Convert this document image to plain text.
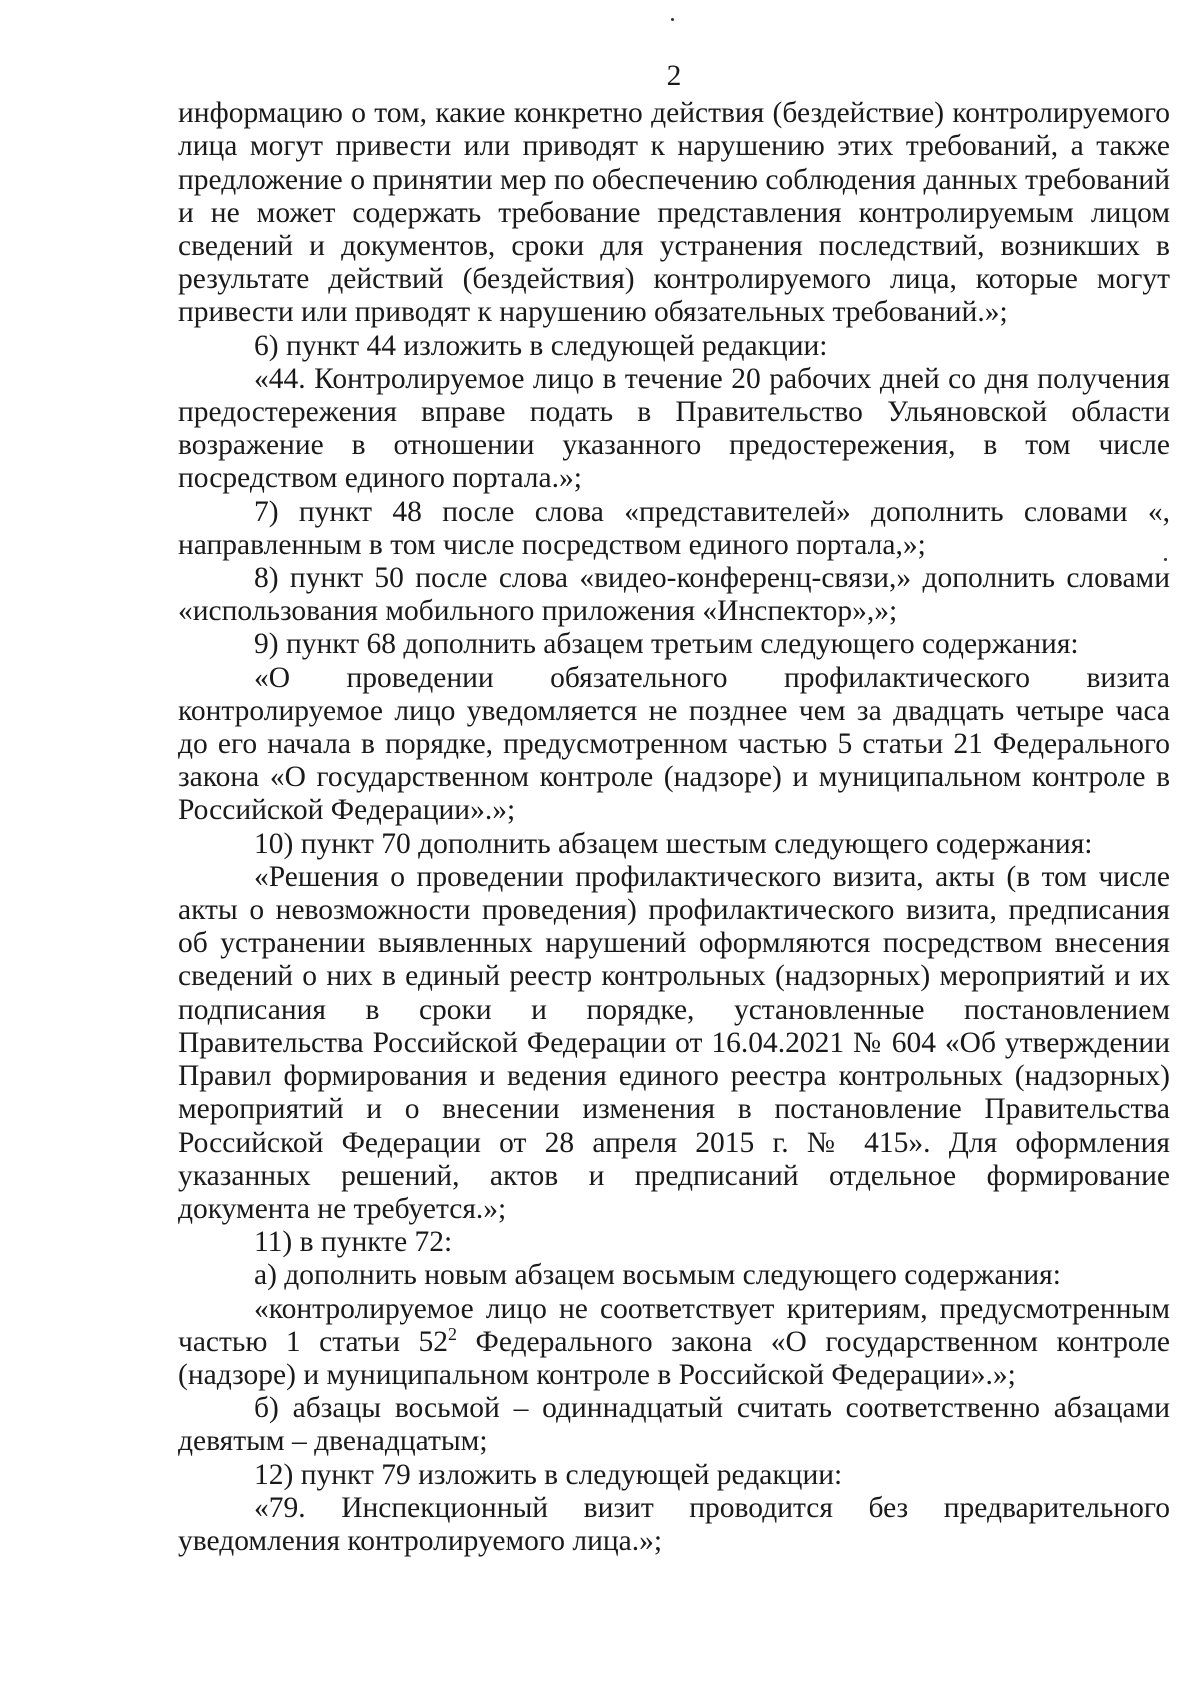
2

информацию о том, какие конкретно действия (бездействие) контролируемого лица могут привести или приводят к нарушению этих требований, а также предложение о принятии мер по обеспечению соблюдения данных требований и не может содержать требование представления контролируемым лицом сведений и документов, сроки для устранения последствий, возникших в результате действий (бездействия) контролируемого лица, которые могут привести или приводят к нарушению обязательных требований.»;

6) пункт 44 изложить в следующей редакции:

«44. Контролируемое лицо в течение 20 рабочих дней со дня получения предостережения вправе подать в Правительство Ульяновской области возражение в отношении указанного предостережения, в том числе посредством единого портала.»;

7) пункт 48 после слова «представителей» дополнить словами «, направленным в том числе посредством единого портала,»;

8) пункт 50 после слова «видео-конференц-связи,» дополнить словами «использования мобильного приложения «Инспектор»,»;

9) пункт 68 дополнить абзацем третьим следующего содержания:

«О проведении обязательного профилактического визита контролируемое лицо уведомляется не позднее чем за двадцать четыре часа до его начала в порядке, предусмотренном частью 5 статьи 21 Федерального закона «О государственном контроле (надзоре) и муниципальном контроле в Российской Федерации».»;

10) пункт 70 дополнить абзацем шестым следующего содержания:

«Решения о проведении профилактического визита, акты (в том числе акты о невозможности проведения) профилактического визита, предписания об устранении выявленных нарушений оформляются посредством внесения сведений о них в единый реестр контрольных (надзорных) мероприятий и их подписания в сроки и порядке, установленные постановлением Правительства Российской Федерации от 16.04.2021 № 604 «Об утверждении Правил формирования и ведения единого реестра контрольных (надзорных) мероприятий и о внесении изменения в постановление Правительства Российской Федерации от 28 апреля 2015 г. № 415». Для оформления указанных решений, актов и предписаний отдельное формирование документа не требуется.»;

11) в пункте 72:

а) дополнить новым абзацем восьмым следующего содержания:

«контролируемое лицо не соответствует критериям, предусмотренным частью 1 статьи $52^2$ Федерального закона «О государственном контроле (надзоре) и муниципальном контроле в Российской Федерации».»;

б) абзацы восьмой – одиннадцатый считать соответственно абзацами девятым – двенадцатым;

12) пункт 79 изложить в следующей редакции:

«79. Инспекционный визит проводится без предварительного уведомления контролируемого лица.»;
